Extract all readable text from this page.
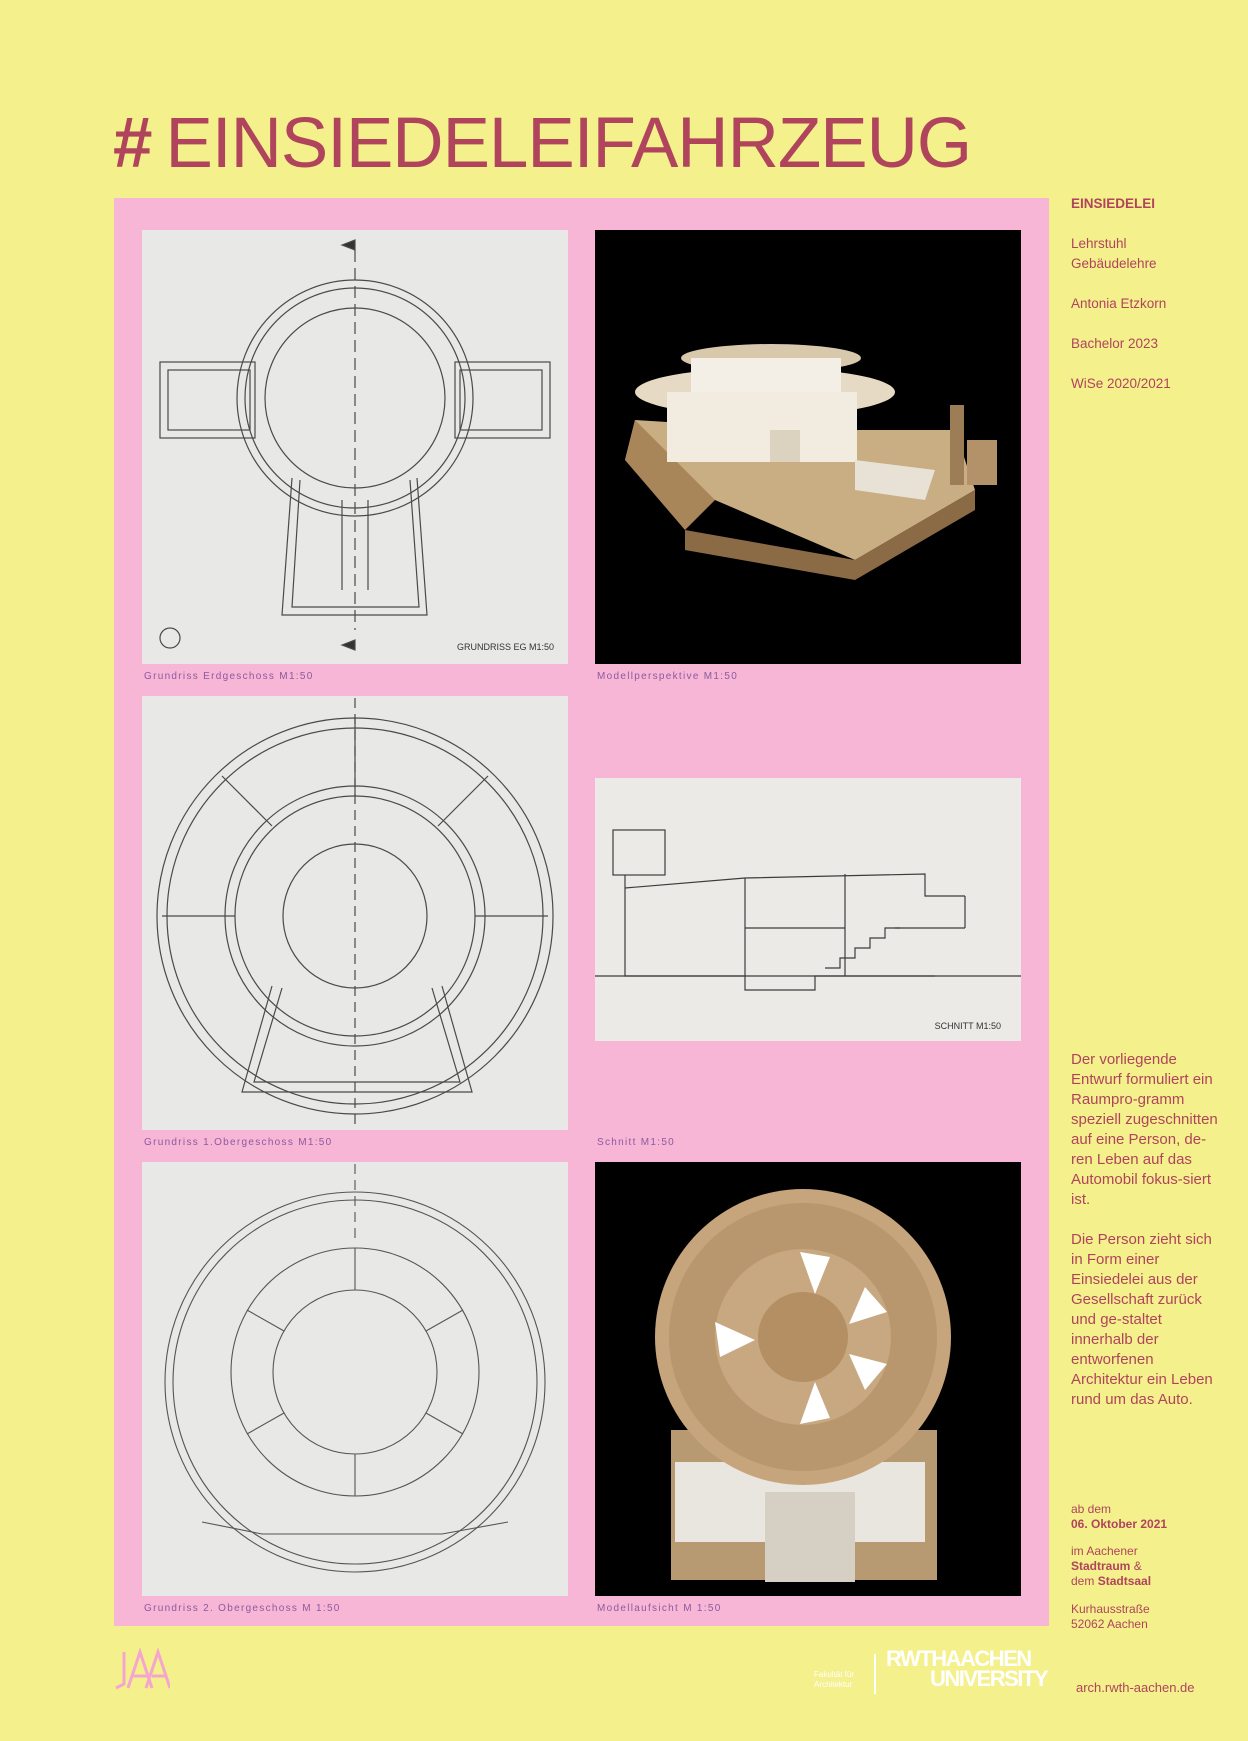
# EINSIEDELEIFAHRZEUG
GRUNDRISS EG M1:50
Grundriss Erdgeschoss M1:50	Modellperspektive M1:50
Grundriss 1.Obergeschoss M1:50
SCHNITT M1:50
Schnitt M1:50
Grundriss 2. Obergeschoss M 1:50	Modellaufsicht M 1:50
EINSIEDELEI
Lehrstuhl
Gebäudelehre
Antonia Etzkorn
Bachelor 2023
WiSe 2020/2021

Der vorliegende Entwurf formuliert ein Raumpro-gramm speziell zugeschnitten auf eine Person, de-ren Leben auf das Automobil fokus-siert ist.

Die Person zieht sich in Form einer Einsiedelei aus der Gesellschaft zurück und ge-staltet innerhalb der entworfenen Architektur ein Leben rund um das Auto.

ab dem
06. Oktober 2021
im Aachener
Stadtraum &
dem Stadtsaal
Kurhausstraße
52062 Aachen
Fakultät für
Architektur
RWTHAACHEN
UNIVERSITY arch.rwth-aachen.de
